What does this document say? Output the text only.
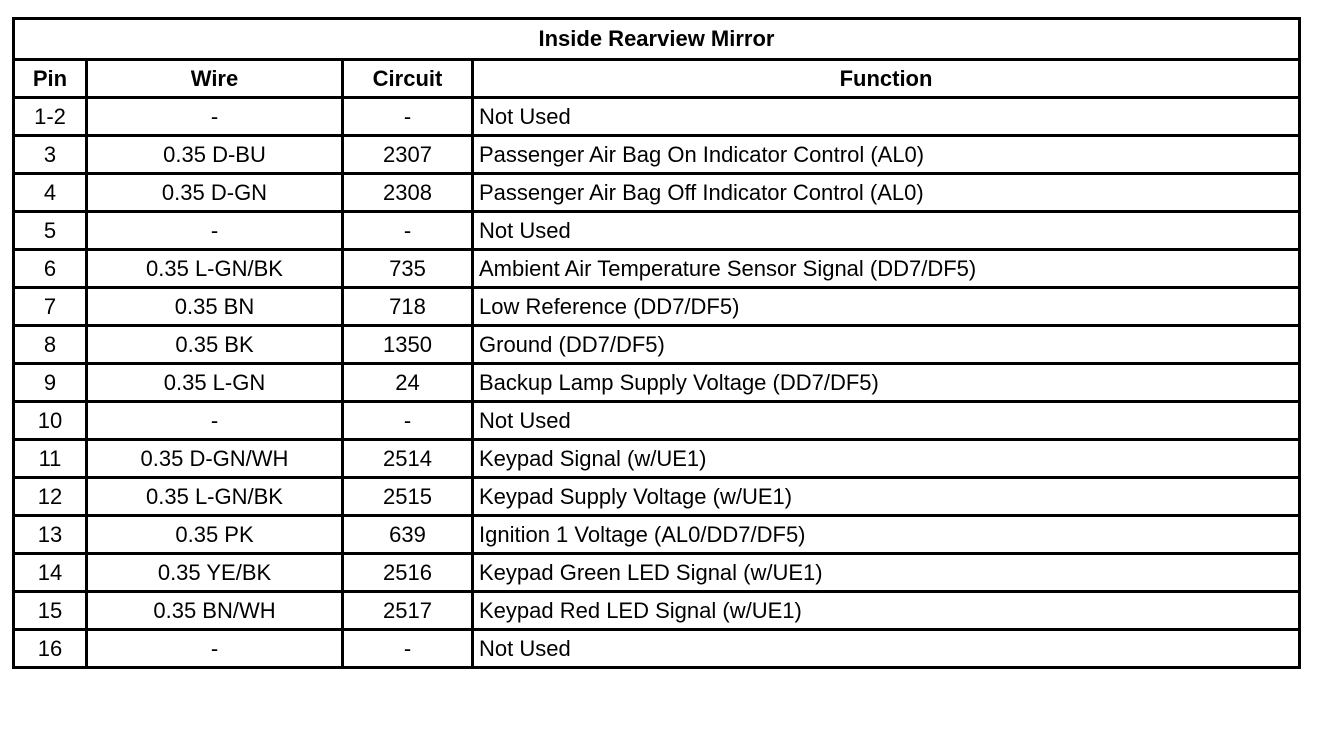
Inside Rearview Mirror			
Pin	Wire	Circuit	Function
1-2	-	-	Not Used
3	0.35 D-BU	2307	Passenger Air Bag On Indicator Control (AL0)
4	0.35 D-GN	2308	Passenger Air Bag Off Indicator Control (AL0)
5	-	-	Not Used
6	0.35 L-GN/BK	735	Ambient Air Temperature Sensor Signal (DD7/DF5)
7	0.35 BN	718	Low Reference (DD7/DF5)
8	0.35 BK	1350	Ground (DD7/DF5)
9	0.35 L-GN	24	Backup Lamp Supply Voltage (DD7/DF5)
10	-	-	Not Used
11	0.35 D-GN/WH	2514	Keypad Signal (w/UE1)
12	0.35 L-GN/BK	2515	Keypad Supply Voltage (w/UE1)
13	0.35 PK	639	Ignition 1 Voltage (AL0/DD7/DF5)
14	0.35 YE/BK	2516	Keypad Green LED Signal (w/UE1)
15	0.35 BN/WH	2517	Keypad Red LED Signal (w/UE1)
16	-	-	Not Used
